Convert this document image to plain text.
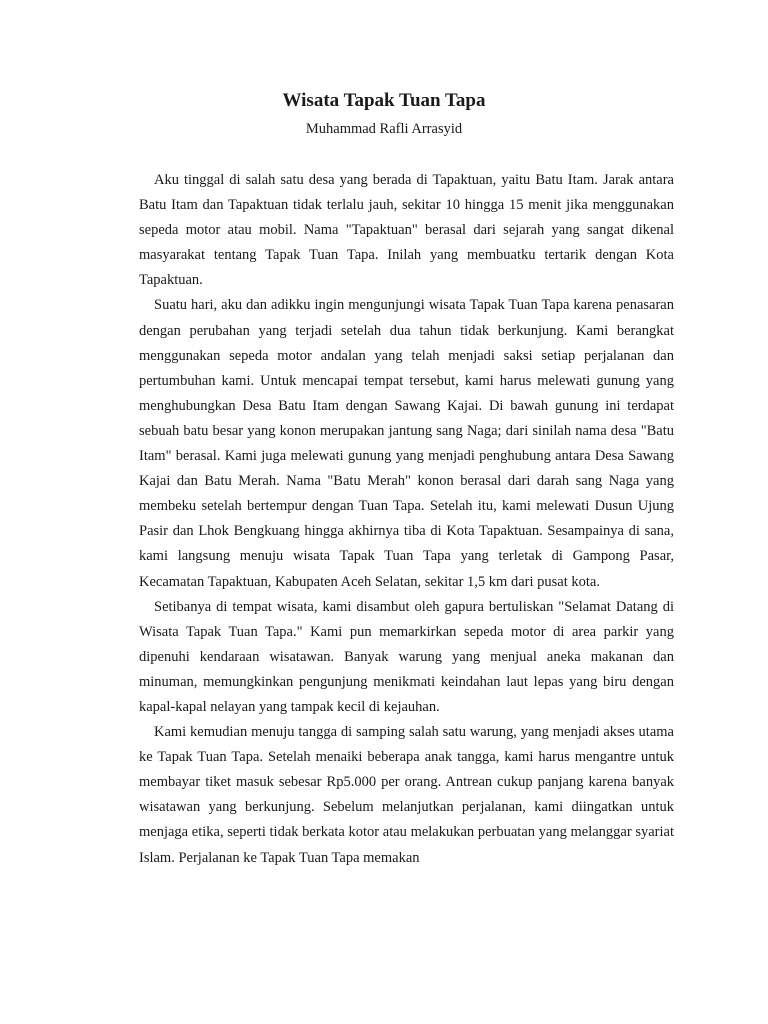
Wisata Tapak Tuan Tapa
Muhammad Rafli Arrasyid

Aku tinggal di salah satu desa yang berada di Tapaktuan, yaitu Batu Itam. Jarak antara Batu Itam dan Tapaktuan tidak terlalu jauh, sekitar 10 hingga 15 menit jika menggunakan sepeda motor atau mobil. Nama "Tapaktuan" berasal dari sejarah yang sangat dikenal masyarakat tentang Tapak Tuan Tapa. Inilah yang membuatku tertarik dengan Kota Tapaktuan.

Suatu hari, aku dan adikku ingin mengunjungi wisata Tapak Tuan Tapa karena penasaran dengan perubahan yang terjadi setelah dua tahun tidak berkunjung. Kami berangkat menggunakan sepeda motor andalan yang telah menjadi saksi setiap perjalanan dan pertumbuhan kami. Untuk mencapai tempat tersebut, kami harus melewati gunung yang menghubungkan Desa Batu Itam dengan Sawang Kajai. Di bawah gunung ini terdapat sebuah batu besar yang konon merupakan jantung sang Naga; dari sinilah nama desa "Batu Itam" berasal. Kami juga melewati gunung yang menjadi penghubung antara Desa Sawang Kajai dan Batu Merah. Nama "Batu Merah" konon berasal dari darah sang Naga yang membeku setelah bertempur dengan Tuan Tapa. Setelah itu, kami melewati Dusun Ujung Pasir dan Lhok Bengkuang hingga akhirnya tiba di Kota Tapaktuan. Sesampainya di sana, kami langsung menuju wisata Tapak Tuan Tapa yang terletak di Gampong Pasar, Kecamatan Tapaktuan, Kabupaten Aceh Selatan, sekitar 1,5 km dari pusat kota.

Setibanya di tempat wisata, kami disambut oleh gapura bertuliskan "Selamat Datang di Wisata Tapak Tuan Tapa." Kami pun memarkirkan sepeda motor di area parkir yang dipenuhi kendaraan wisatawan. Banyak warung yang menjual aneka makanan dan minuman, memungkinkan pengunjung menikmati keindahan laut lepas yang biru dengan kapal-kapal nelayan yang tampak kecil di kejauhan.

Kami kemudian menuju tangga di samping salah satu warung, yang menjadi akses utama ke Tapak Tuan Tapa. Setelah menaiki beberapa anak tangga, kami harus mengantre untuk membayar tiket masuk sebesar Rp5.000 per orang. Antrean cukup panjang karena banyak wisatawan yang berkunjung. Sebelum melanjutkan perjalanan, kami diingatkan untuk menjaga etika, seperti tidak berkata kotor atau melakukan perbuatan yang melanggar syariat Islam. Perjalanan ke Tapak Tuan Tapa memakan
